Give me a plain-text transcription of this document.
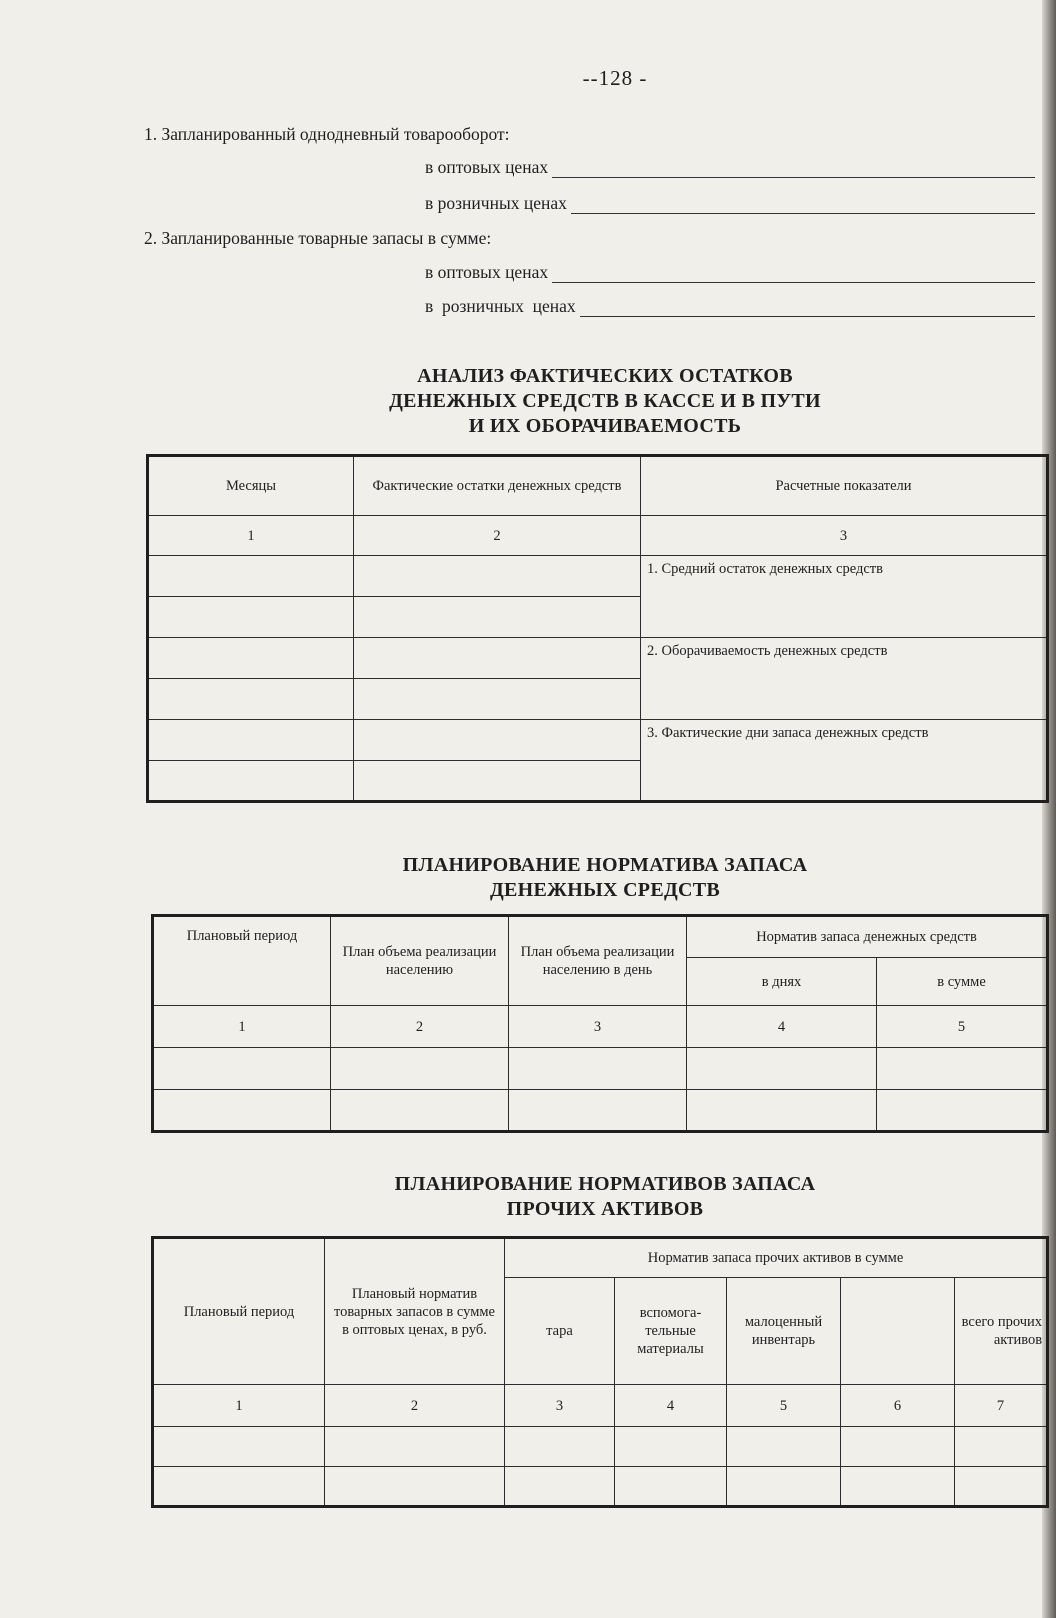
--128 -
1. Запланированный однодневный товарооборот:
в оптовых ценах
в розничных ценах
2. Запланированные товарные запасы в сумме:
в оптовых ценах
в  розничных  ценах
АНАЛИЗ ФАКТИЧЕСКИХ ОСТАТКОВ
ДЕНЕЖНЫХ СРЕДСТВ В КАССЕ И В ПУТИ
И ИХ ОБОРАЧИВАЕМОСТЬ
Месяцы	Фактические остатки денежных средств	Расчетные показатели
1	2	3
		1. Средний остаток денежных средств

		2. Оборачиваемость денежных средств

		3. Фактические дни запаса денежных средств

ПЛАНИРОВАНИЕ НОРМАТИВА ЗАПАСА
ДЕНЕЖНЫХ СРЕДСТВ
Плановый период	План объема реализации населению	План объема реализации населению в день	Норматив запаса денежных средств	
			в днях	в сумме
1	2	3	4	5

ПЛАНИРОВАНИЕ НОРМАТИВОВ ЗАПАСА
ПРОЧИХ АКТИВОВ
Плановый период	Плановый норматив товарных запасов в сумме в оптовых ценах, в руб.	Норматив запаса прочих активов в сумме				
		тара	вспомога-тельные материалы	малоценный инвентарь		всего прочих активов
1	2	3	4	5	6	7
